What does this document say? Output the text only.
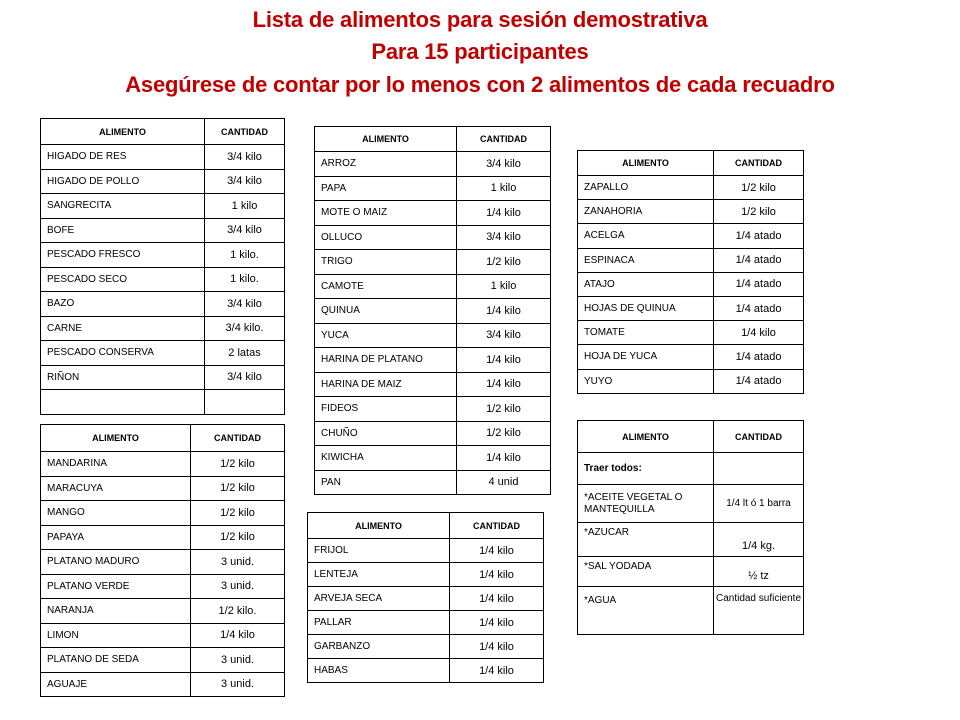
Lista de alimentos para sesión demostrativa
Para 15 participantes
Asegúrese de contar por lo menos con 2 alimentos de cada recuadro
ALIMENTO	CANTIDAD
HIGADO DE RES	3/4 kilo
HIGADO DE POLLO	3/4 kilo
SANGRECITA	1 kilo
BOFE	3/4 kilo
PESCADO FRESCO	1 kilo.
PESCADO SECO	1 kilo.
BAZO	3/4 kilo
CARNE	3/4 kilo.
PESCADO CONSERVA	2 latas
RIÑON	3/4 kilo

ALIMENTO	CANTIDAD
MANDARINA	1/2 kilo
MARACUYA	1/2 kilo
MANGO	1/2 kilo
PAPAYA	1/2 kilo
PLATANO MADURO	3 unid.
PLATANO VERDE	3 unid.
NARANJA	1/2 kilo.
LIMON	1/4 kilo
PLATANO DE SEDA	3 unid.
AGUAJE	3 unid.
ALIMENTO	CANTIDAD
ARROZ	3/4 kilo
PAPA	1 kilo
MOTE O MAIZ	1/4 kilo
OLLUCO	3/4 kilo
TRIGO	1/2 kilo
CAMOTE	1 kilo
QUINUA	1/4 kilo
YUCA	3/4 kilo
HARINA DE PLATANO	1/4 kilo
HARINA DE MAIZ	1/4 kilo
FIDEOS	1/2 kilo
CHUÑO	1/2 kilo
KIWICHA	1/4 kilo
PAN	4 unid
ALIMENTO	CANTIDAD
FRIJOL	1/4 kilo
LENTEJA	1/4 kilo
ARVEJA SECA	1/4 kilo
PALLAR	1/4 kilo
GARBANZO	1/4 kilo
HABAS	1/4 kilo
ALIMENTO	CANTIDAD
ZAPALLO	1/2 kilo
ZANAHORIA	1/2 kilo
ACELGA	1/4 atado
ESPINACA	1/4 atado
ATAJO	1/4 atado
HOJAS DE QUINUA	1/4 atado
TOMATE	1/4 kilo
HOJA DE YUCA	1/4 atado
YUYO	1/4 atado
ALIMENTO	CANTIDAD
Traer todos:	
*ACEITE VEGETAL O MANTEQUILLA	1/4 lt ó 1 barra
*AZUCAR	1/4 kg.
*SAL YODADA	½ tz
*AGUA	Cantidad suficiente
